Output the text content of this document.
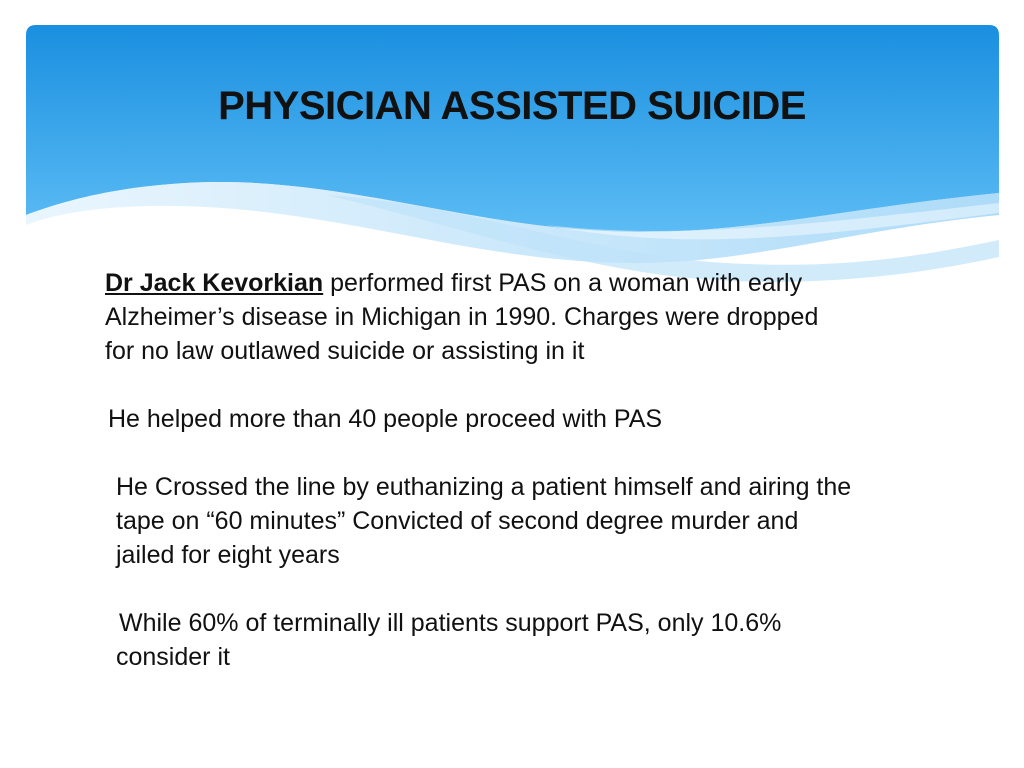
PHYSICIAN ASSISTED SUICIDE

Dr Jack Kevorkian performed first PAS on a woman with early
Alzheimer’s disease in Michigan in 1990. Charges were dropped
for no law outlawed suicide or assisting in it

He helped more than 40 people proceed with PAS

He Crossed the line by euthanizing a patient himself and airing the
tape on “60 minutes” Convicted of second degree murder and
jailed for eight years

While 60% of terminally ill patients support PAS, only 10.6%
consider it
